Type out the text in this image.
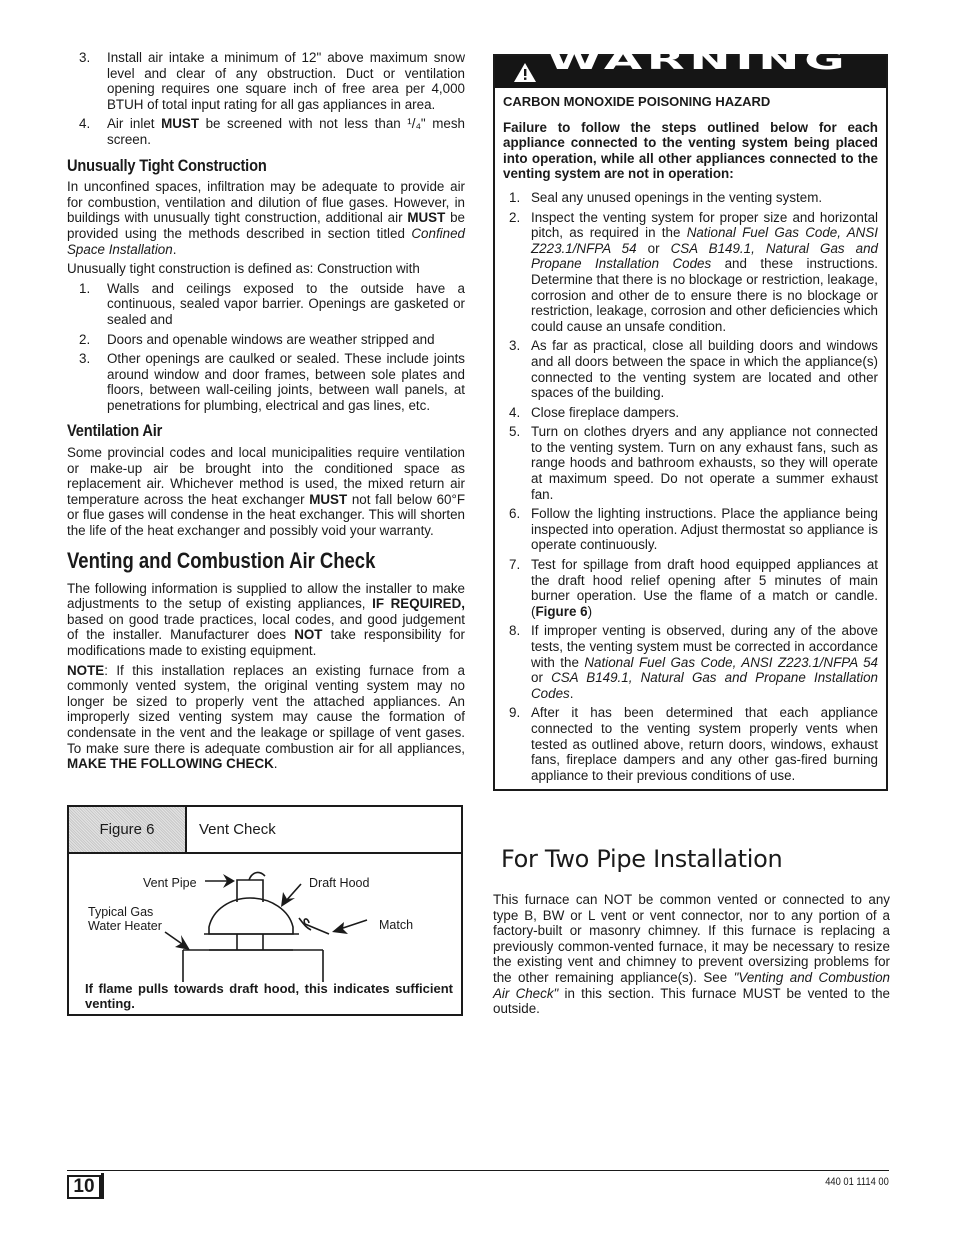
3.	Install air intake a minimum of 12" above maximum snow level and clear of any obstruction. Duct or ventilation opening requires one square inch of free area per 4,000 BTUH of total input rating for all gas appliances in area.
4.	Air inlet MUST be screened with not less than ¹/₄" mesh screen.
Unusually Tight Construction

In unconfined spaces, infiltration may be adequate to provide air for combustion, ventilation and dilution of flue gases. However, in buildings with unusually tight construction, additional air MUST be provided using the methods described in section titled Confined Space Installation.

Unusually tight construction is defined as: Construction with

1.	Walls and ceilings exposed to the outside have a continuous, sealed vapor barrier. Openings are gasketed or sealed and
2.	Doors and openable windows are weather stripped and
3.	Other openings are caulked or sealed. These include joints around window and door frames, between sole plates and floors, between wall-ceiling joints, between wall panels, at penetrations for plumbing, electrical and gas lines, etc.
Ventilation Air

Some provincial codes and local municipalities require ventilation or make-up air be brought into the conditioned space as replacement air. Whichever method is used, the mixed return air temperature across the heat exchanger MUST not fall below 60°F or flue gases will condense in the heat exchanger. This will shorten the life of the heat exchanger and possibly void your warranty.

Venting and Combustion Air Check

The following information is supplied to allow the installer to make adjustments to the setup of existing appliances, IF REQUIRED, based on good trade practices, local codes, and good judgement of the installer. Manufacturer does NOT take responsibility for modifications made to existing equipment.

NOTE: If this installation replaces an existing furnace from a commonly vented system, the original venting system may no longer be sized to properly vent the attached appliances. An improperly sized venting system may cause the formation of condensate in the vent and the leakage or spillage of vent gases. To make sure there is adequate combustion air for all appliances, MAKE THE FOLLOWING CHECK.

Figure 6	Vent Check
Vent Pipe	Draft Hood
Typical Gas
Water Heater	Match
If flame pulls towards draft hood, this indicates sufficient venting.
WARNING
CARBON MONOXIDE POISONING HAZARD
Failure to follow the steps outlined below for each appliance connected to the venting system being placed into operation, while all other appliances connected to the venting system are not in operation:
1. Seal any unused openings in the venting system.
2. Inspect the venting system for proper size and horizontal pitch, as required in the National Fuel Gas Code, ANSI Z223.1/NFPA 54 or CSA B149.1, Natural Gas and Propane Installation Codes and these instructions. Determine that there is no blockage or restriction, leakage, corrosion and other de to ensure there is no blockage or restriction, leakage, corrosion and other deficiencies which could cause an unsafe condition.
3. As far as practical, close all building doors and windows and all doors between the space in which the appliance(s) connected to the venting system are located and other spaces of the building.
4. Close fireplace dampers.
5. Turn on clothes dryers and any appliance not connected to the venting system. Turn on any exhaust fans, such as range hoods and bathroom exhausts, so they will operate at maximum speed. Do not operate a summer exhaust fan.
6. Follow the lighting instructions. Place the appliance being inspected into operation. Adjust thermostat so appliance is operate continuously.
7. Test for spillage from draft hood equipped appliances at the draft hood relief opening after 5 minutes of main burner operation. Use the flame of a match or candle. (Figure 6)
8. If improper venting is observed, during any of the above tests, the venting system must be corrected in accordance with the National Fuel Gas Code, ANSI Z223.1/NFPA 54 or CSA B149.1, Natural Gas and Propane Installation Codes.
9. After it has been determined that each appliance connected to the venting system properly vents when tested as outlined above, return doors, windows, exhaust fans, fireplace dampers and any other gas-fired burning appliance to their previous conditions of use.
For Two Pipe Installation

This furnace can NOT be common vented or connected to any type B, BW or L vent or vent connector, nor to any portion of a factory-built or masonry chimney. If this furnace is replacing a previously common-vented furnace, it may be necessary to resize the existing vent and chimney to prevent oversizing problems for the other remaining appliance(s). See "Venting and Combustion Air Check" in this section. This furnace MUST be vented to the outside.

10	440 01 1114 00
